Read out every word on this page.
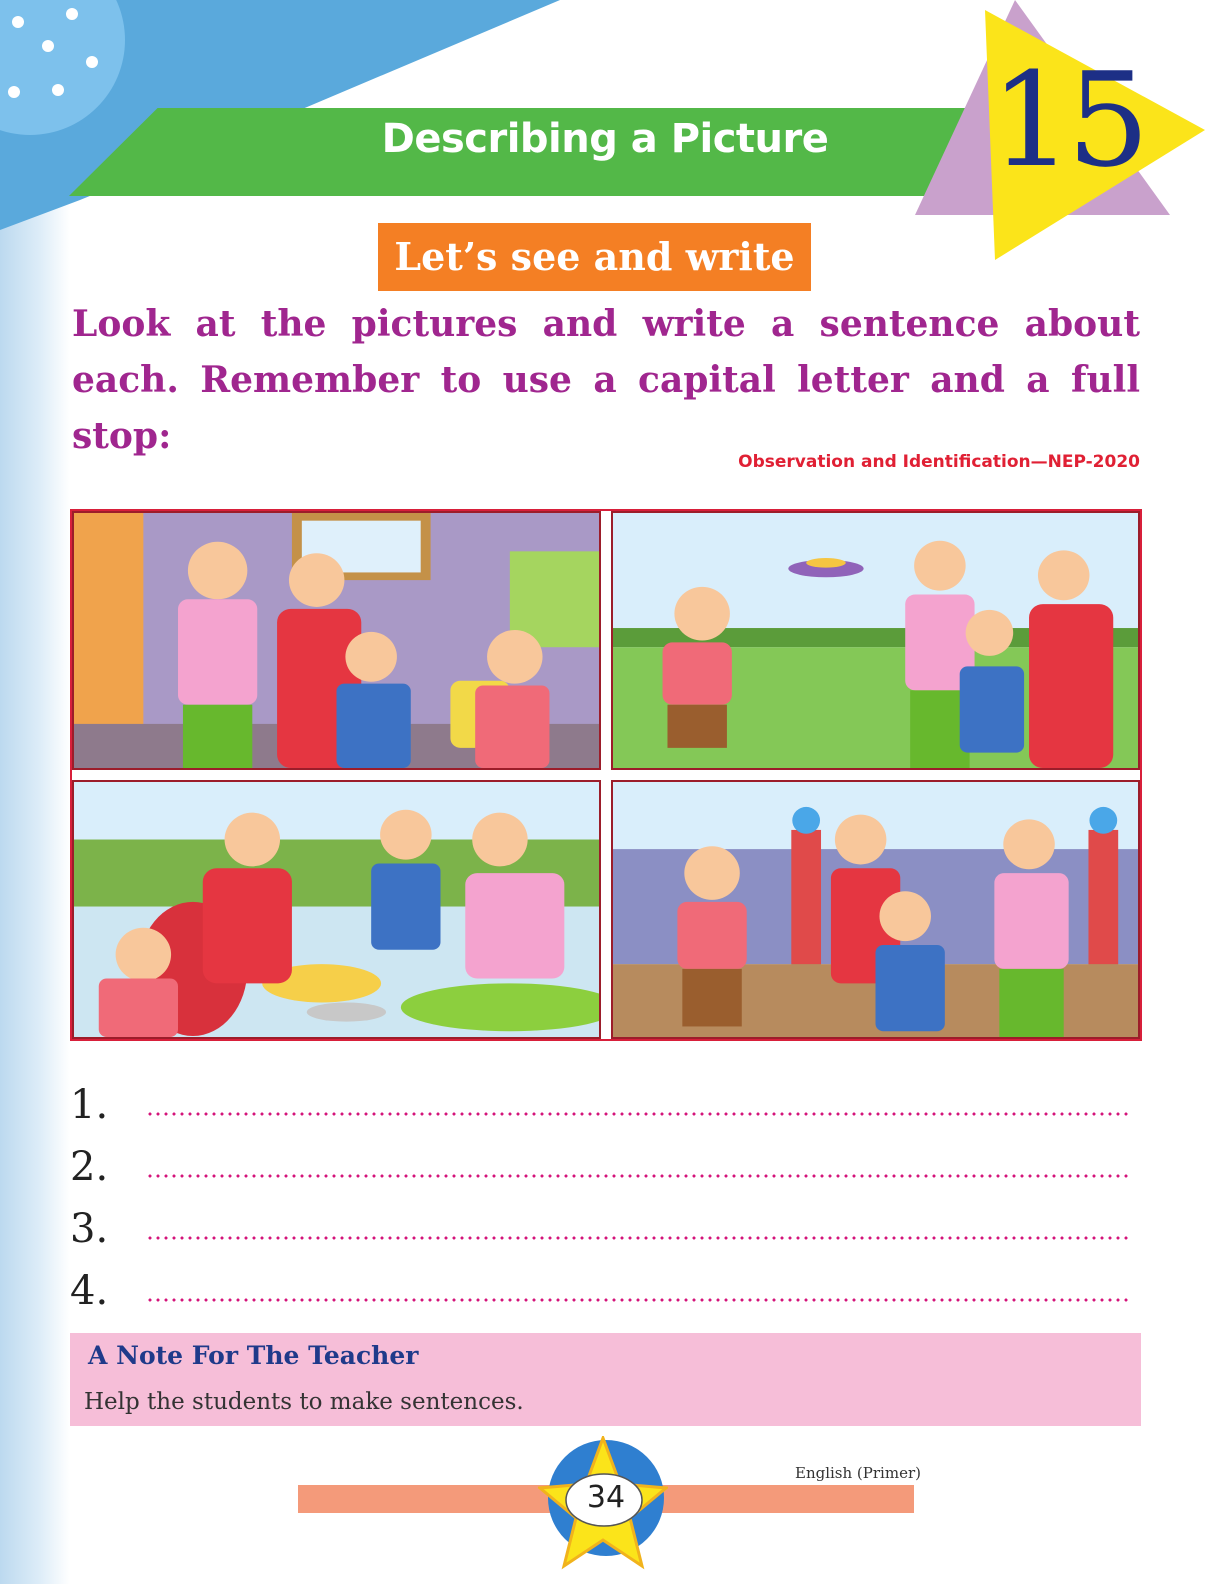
Describing a Picture 15
Let’s see and write
Look at the pictures and write a sentence about each. Remember to use a capital letter and a full stop:
Observation and Identification—NEP-2020
1.
2.
3.
4.
A Note For The Teacher
Help the students to make sentences.
English (Primer)
34
